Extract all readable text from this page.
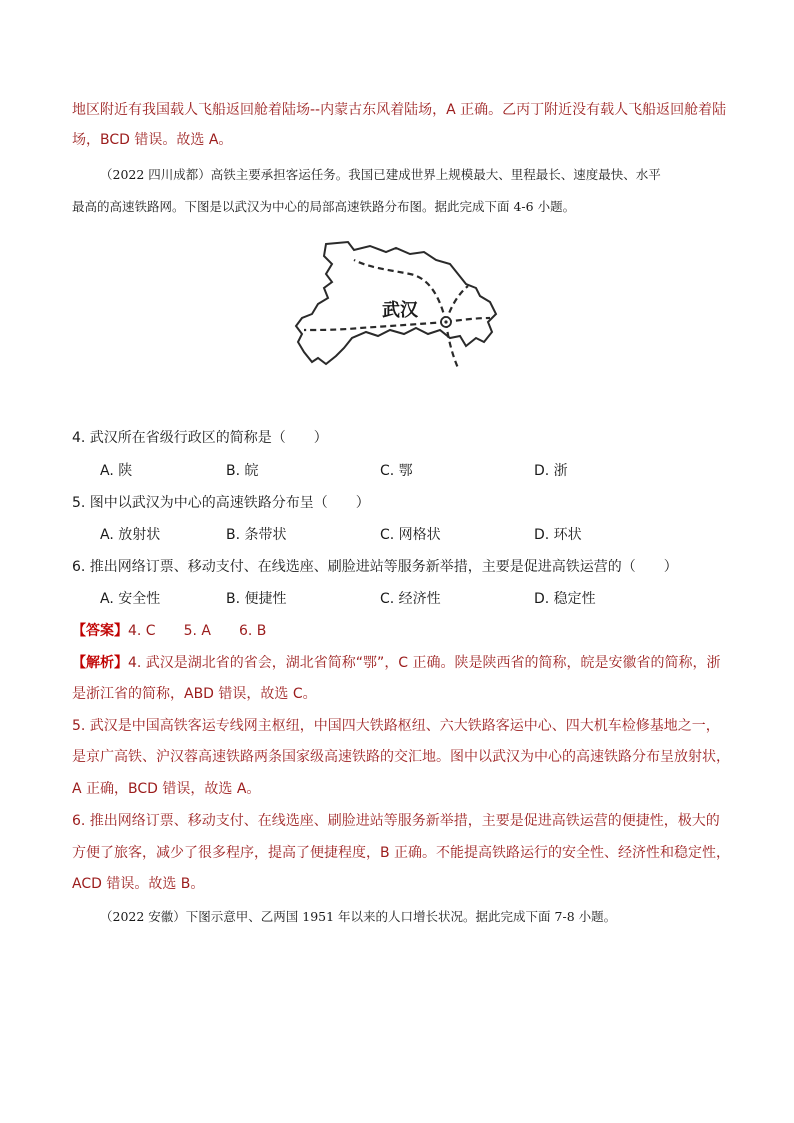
地区附近有我国载人飞船返回舱着陆场--内蒙古东风着陆场，A 正确。乙丙丁附近没有载人飞船返回舱着陆
场，BCD 错误。故选 A。
（2022 四川成都）高铁主要承担客运任务。我国已建成世界上规模最大、里程最长、速度最快、水平
最高的高速铁路网。下图是以武汉为中心的局部高速铁路分布图。据此完成下面 4-6 小题。
武汉
4. 武汉所在省级行政区的简称是（　　）
A. 陕	B. 皖	C. 鄂	D. 浙
5. 图中以武汉为中心的高速铁路分布呈（　　）
A. 放射状	B. 条带状	C. 网格状	D. 环状
6. 推出网络订票、移动支付、在线选座、刷脸进站等服务新举措，主要是促进高铁运营的（　　）
A. 安全性	B. 便捷性	C. 经济性	D. 稳定性
【答案】4. C　　5. A　　6. B
【解析】4. 武汉是湖北省的省会，湖北省简称“鄂”，C 正确。陕是陕西省的简称，皖是安徽省的简称，浙
是浙江省的简称，ABD 错误，故选 C。
5. 武汉是中国高铁客运专线网主枢纽，中国四大铁路枢纽、六大铁路客运中心、四大机车检修基地之一，
是京广高铁、沪汉蓉高速铁路两条国家级高速铁路的交汇地。图中以武汉为中心的高速铁路分布呈放射状，
A 正确，BCD 错误，故选 A。
6. 推出网络订票、移动支付、在线选座、刷脸进站等服务新举措，主要是促进高铁运营的便捷性，极大的
方便了旅客，减少了很多程序，提高了便捷程度，B 正确。不能提高铁路运行的安全性、经济性和稳定性，
ACD 错误。故选 B。
（2022 安徽）下图示意甲、乙两国 1951 年以来的人口增长状况。据此完成下面 7-8 小题。
